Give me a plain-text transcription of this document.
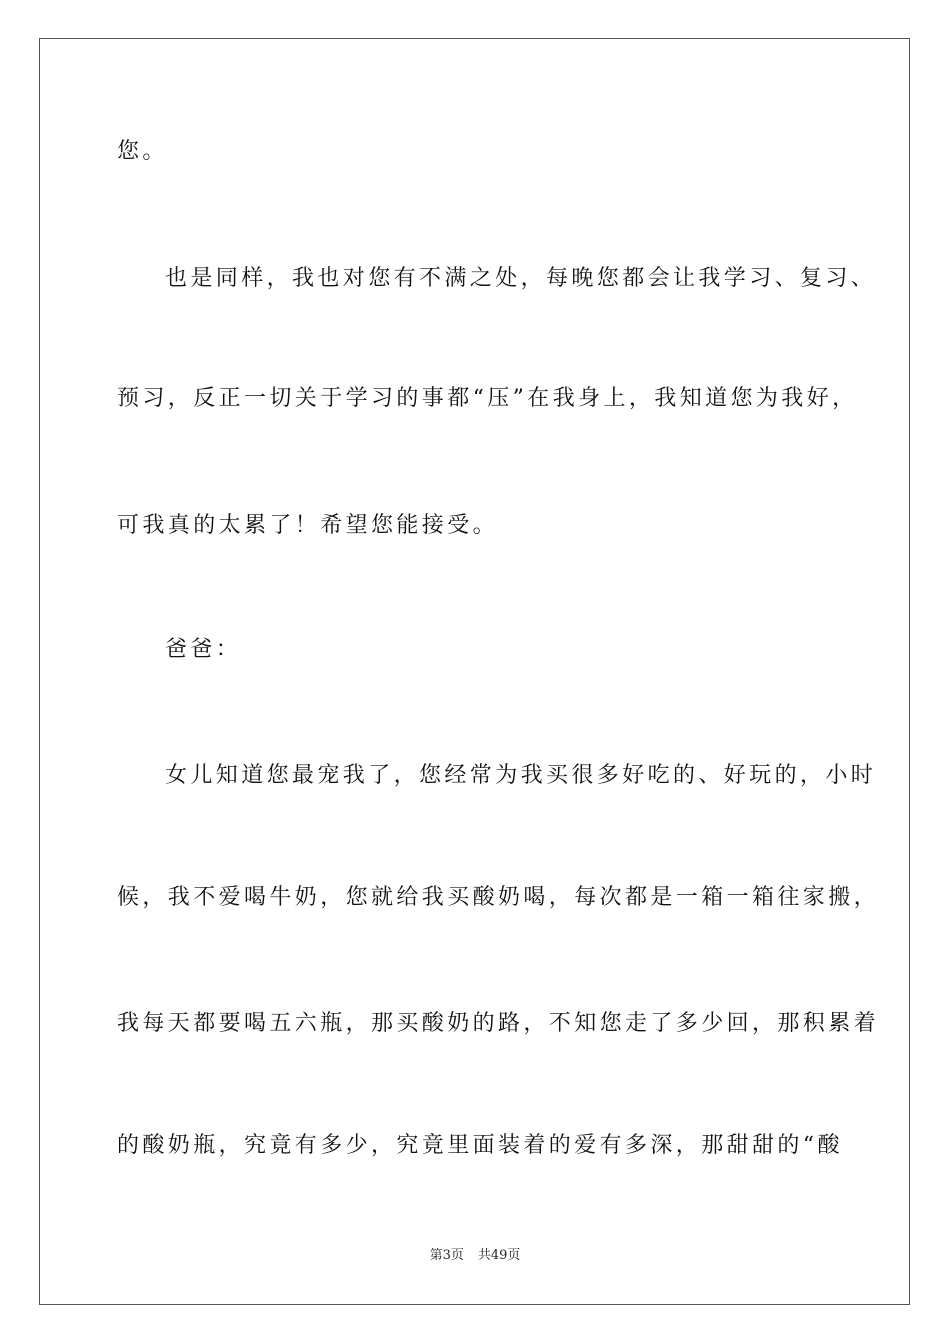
您。
也是同样，我也对您有不满之处，每晚您都会让我学习、复习、
预习，反正一切关于学习的事都“压”在我身上，我知道您为我好，
可我真的太累了！希望您能接受。
爸爸：
女儿知道您最宠我了，您经常为我买很多好吃的、好玩的，小时
候，我不爱喝牛奶，您就给我买酸奶喝，每次都是一箱一箱往家搬，
我每天都要喝五六瓶，那买酸奶的路，不知您走了多少回，那积累着
的酸奶瓶，究竟有多少，究竟里面装着的爱有多深，那甜甜的“酸
第3页 共49页
